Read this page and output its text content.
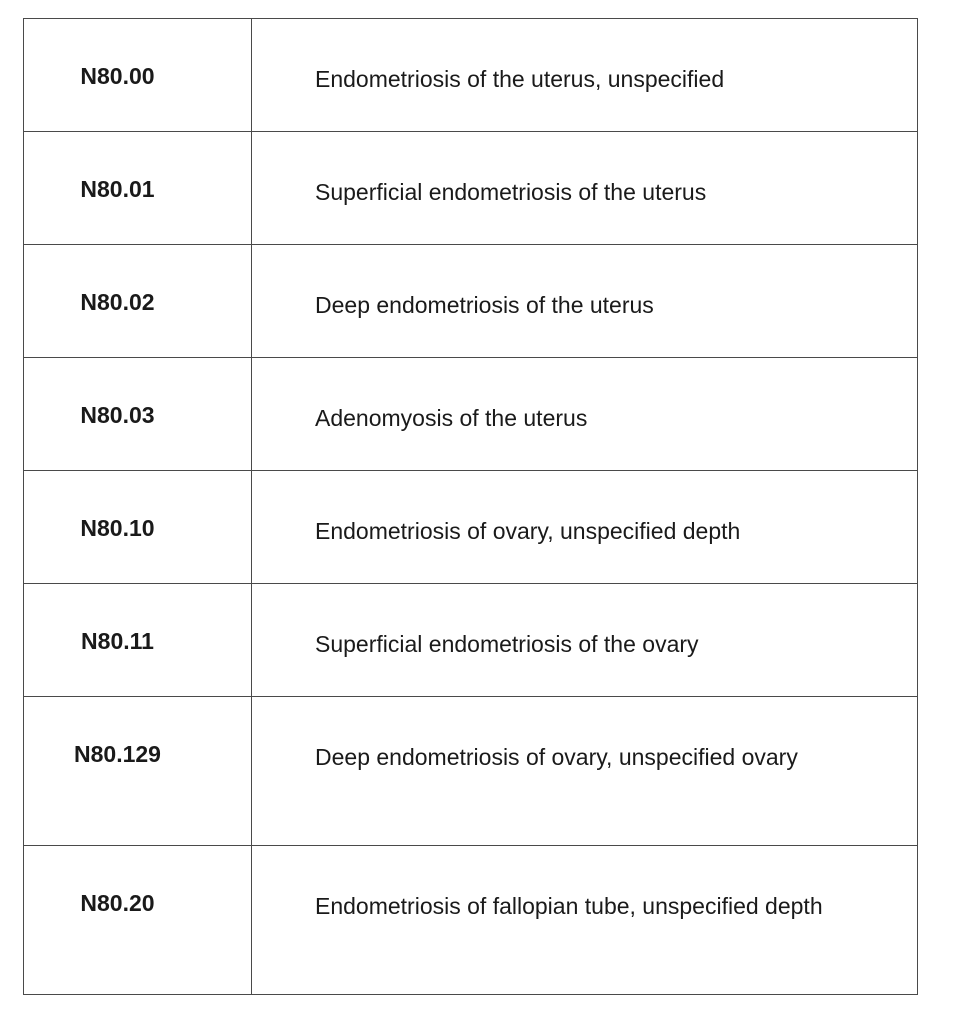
N80.00	Endometriosis of the uterus, unspecified

N80.01	Superficial endometriosis of the uterus

N80.02	Deep endometriosis of the uterus

N80.03	Adenomyosis of the uterus

N80.10	Endometriosis of ovary, unspecified depth

N80.11	Superficial endometriosis of the ovary

N80.129	Deep endometriosis of ovary, unspecified ovary

N80.20	Endometriosis of fallopian tube, unspecified depth
